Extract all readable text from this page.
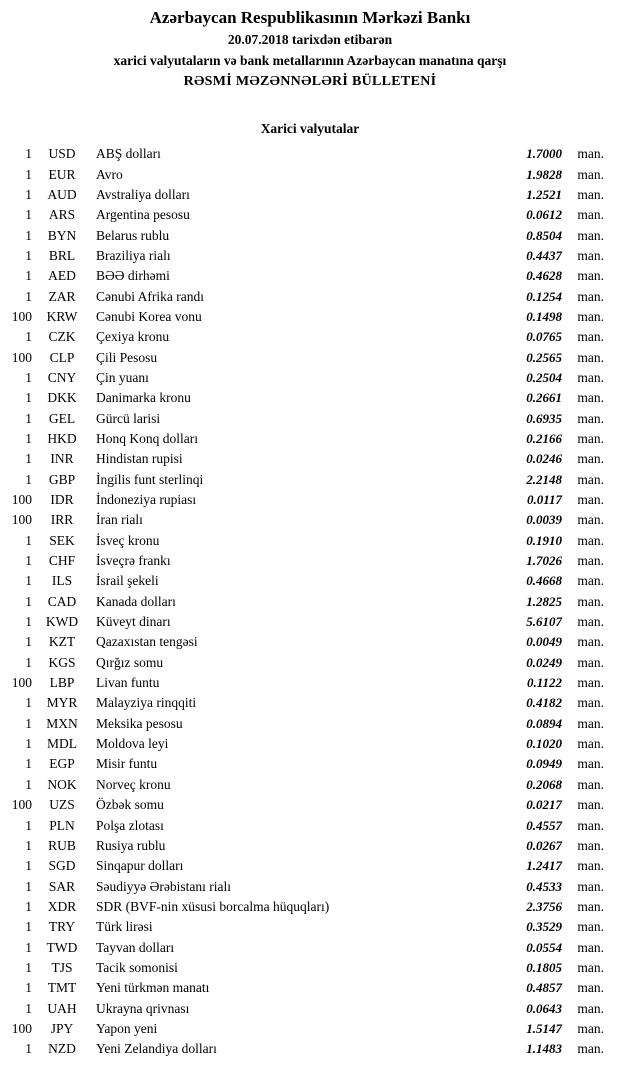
Azərbaycan Respublikasının Mərkəzi Bankı
20.07.2018 tarixdən etibarən
xarici valyutaların və bank metallarının Azərbaycan manatına qarşı
RƏSMİ MƏZƏNNƏLƏRİ BÜLLETENİ
Xarici valyutalar
1	USD	ABŞ dolları	1.7000	man.
1	EUR	Avro	1.9828	man.
1	AUD	Avstraliya dolları	1.2521	man.
1	ARS	Argentina pesosu	0.0612	man.
1	BYN	Belarus rublu	0.8504	man.
1	BRL	Braziliya rialı	0.4437	man.
1	AED	BƏƏ dirhəmi	0.4628	man.
1	ZAR	Cənubi Afrika randı	0.1254	man.
100	KRW	Cənubi Korea vonu	0.1498	man.
1	CZK	Çexiya kronu	0.0765	man.
100	CLP	Çili Pesosu	0.2565	man.
1	CNY	Çin yuanı	0.2504	man.
1	DKK	Danimarka kronu	0.2661	man.
1	GEL	Gürcü larisi	0.6935	man.
1	HKD	Honq Konq dolları	0.2166	man.
1	INR	Hindistan rupisi	0.0246	man.
1	GBP	İngilis funt sterlinqi	2.2148	man.
100	IDR	İndoneziya rupiası	0.0117	man.
100	IRR	İran rialı	0.0039	man.
1	SEK	İsveç kronu	0.1910	man.
1	CHF	İsveçrə frankı	1.7026	man.
1	ILS	İsrail şekeli	0.4668	man.
1	CAD	Kanada dolları	1.2825	man.
1	KWD	Küveyt dinarı	5.6107	man.
1	KZT	Qazaxıstan tengəsi	0.0049	man.
1	KGS	Qırğız somu	0.0249	man.
100	LBP	Livan funtu	0.1122	man.
1	MYR	Malayziya rinqqiti	0.4182	man.
1	MXN	Meksika pesosu	0.0894	man.
1	MDL	Moldova leyi	0.1020	man.
1	EGP	Misir funtu	0.0949	man.
1	NOK	Norveç kronu	0.2068	man.
100	UZS	Özbək somu	0.0217	man.
1	PLN	Polşa zlotası	0.4557	man.
1	RUB	Rusiya rublu	0.0267	man.
1	SGD	Sinqapur dolları	1.2417	man.
1	SAR	Səudiyyə Ərəbistanı rialı	0.4533	man.
1	XDR	SDR (BVF-nin xüsusi borcalma hüquqları)	2.3756	man.
1	TRY	Türk lirəsi	0.3529	man.
1	TWD	Tayvan dolları	0.0554	man.
1	TJS	Tacik somonisi	0.1805	man.
1	TMT	Yeni türkmən manatı	0.4857	man.
1	UAH	Ukrayna qrivnası	0.0643	man.
100	JPY	Yapon yeni	1.5147	man.
1	NZD	Yeni Zelandiya dolları	1.1483	man.
